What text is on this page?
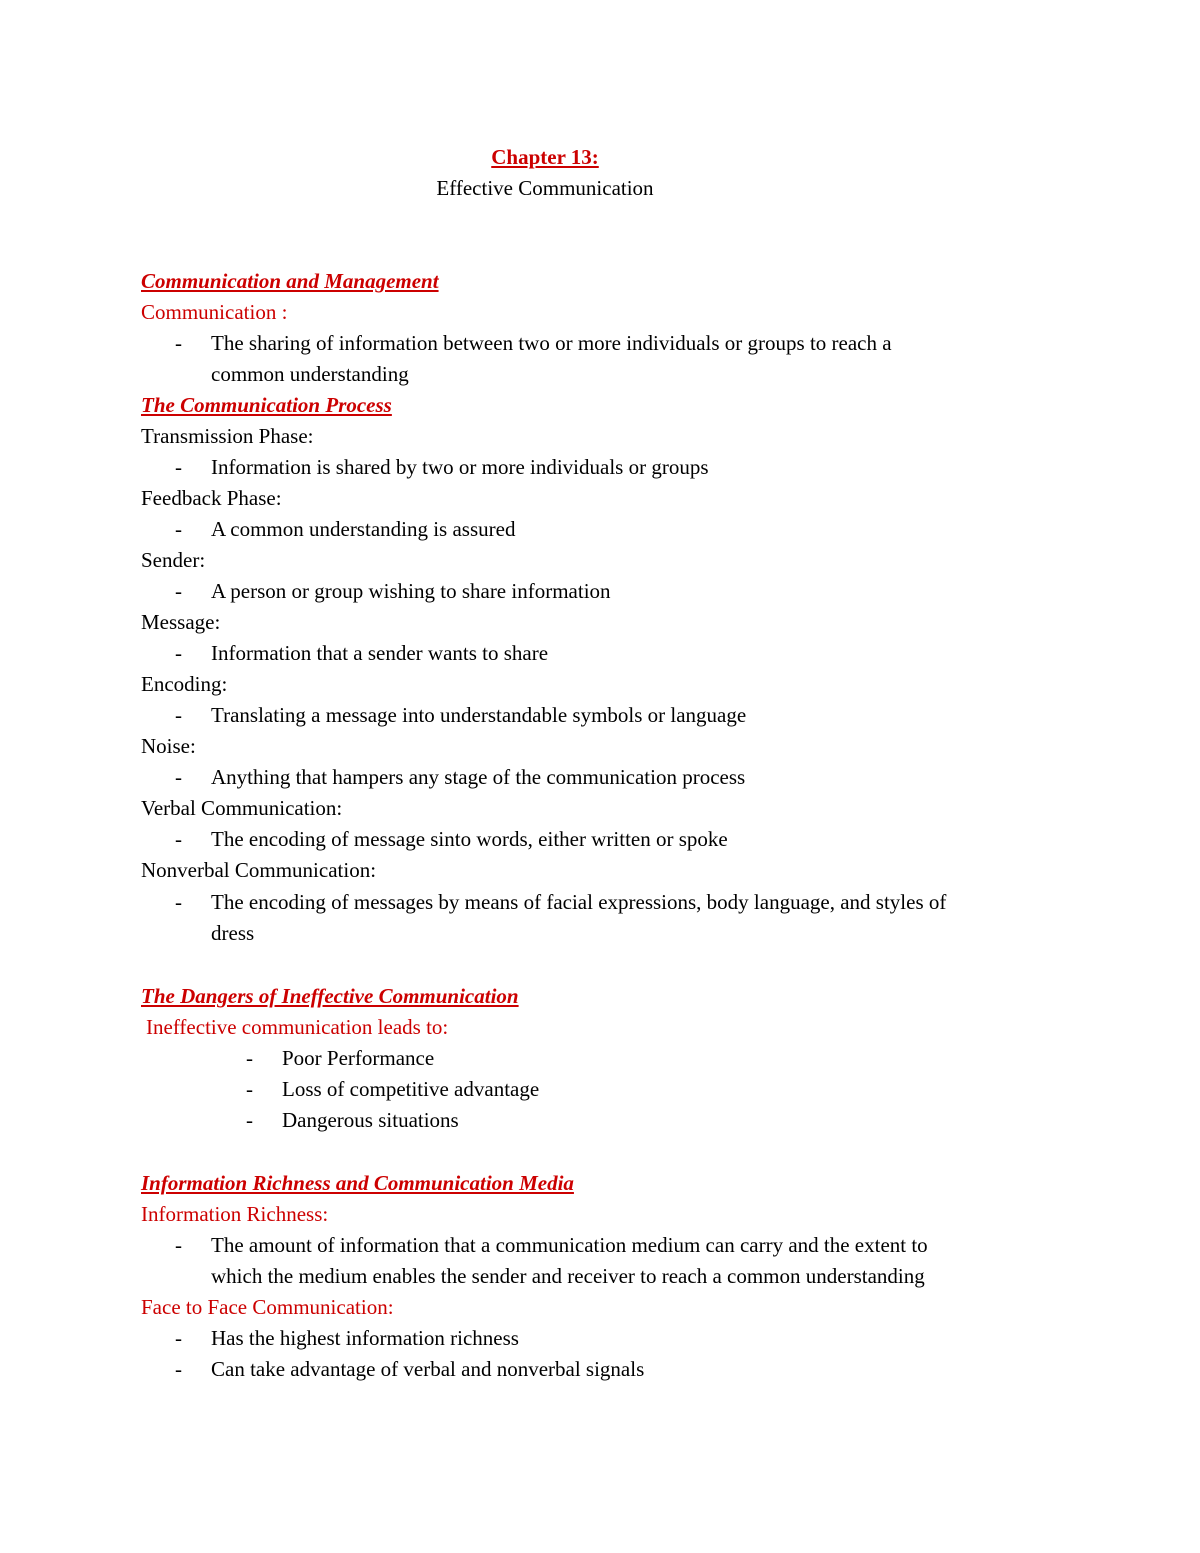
Chapter 13:
Effective Communication
Communication and Management
Communication :
- The sharing of information between two or more individuals or groups to reach a
common understanding
The Communication Process
Transmission Phase:
- Information is shared by two or more individuals or groups
Feedback Phase:
- A common understanding is assured
Sender:
- A person or group wishing to share information
Message:
- Information that a sender wants to share
Encoding:
- Translating a message into understandable symbols or language
Noise:
- Anything that hampers any stage of the communication process
Verbal Communication:
- The encoding of message sinto words, either written or spoke
Nonverbal Communication:
- The encoding of messages by means of facial expressions, body language, and styles of
dress
The Dangers of Ineffective Communication
Ineffective communication leads to:
- Poor Performance
- Loss of competitive advantage
- Dangerous situations
Information Richness and Communication Media
Information Richness:
- The amount of information that a communication medium can carry and the extent to
which the medium enables the sender and receiver to reach a common understanding
Face to Face Communication:
- Has the highest information richness
- Can take advantage of verbal and nonverbal signals
